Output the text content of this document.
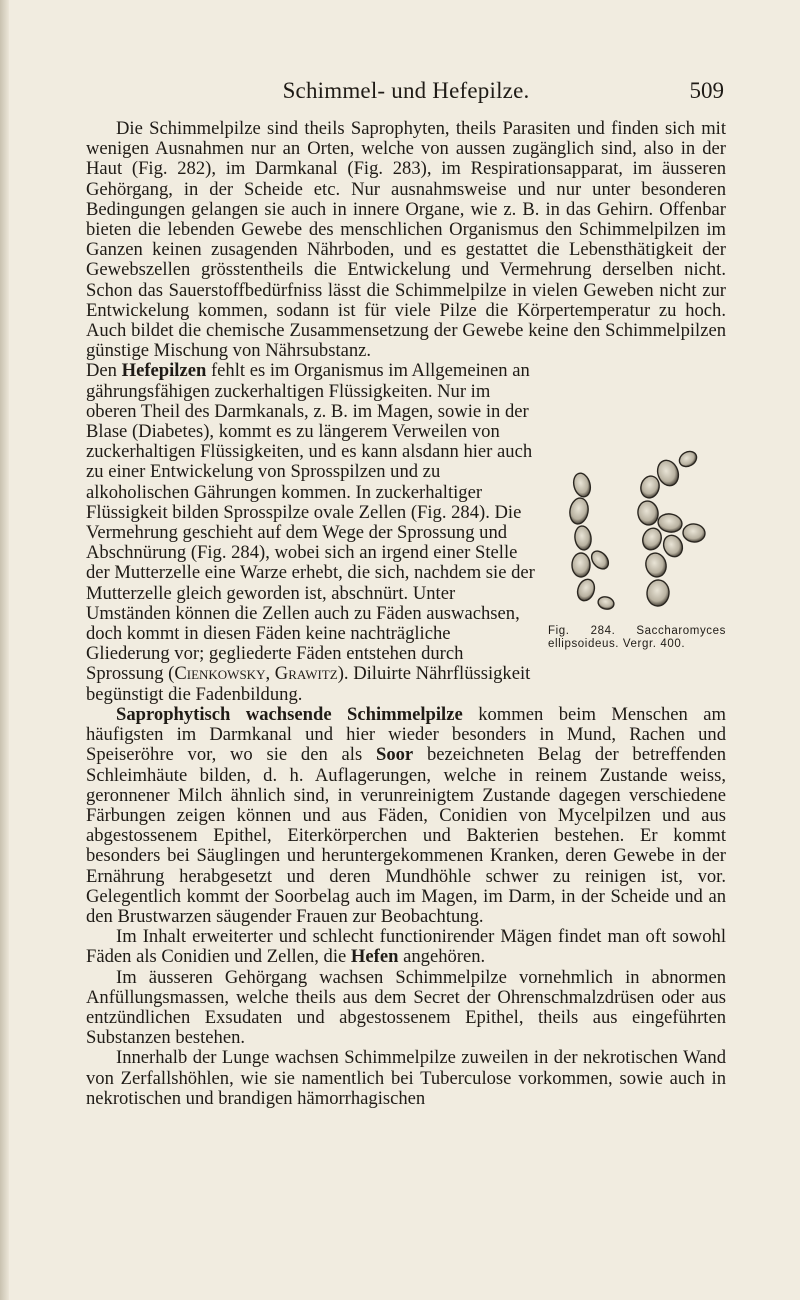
Schimmel- und Hefepilze.	509

Die Schimmelpilze sind theils Saprophyten, theils Parasiten und finden sich mit wenigen Ausnahmen nur an Orten, welche von aussen zugänglich sind, also in der Haut (Fig. 282), im Darmkanal (Fig. 283), im Respirationsapparat, im äusseren Gehörgang, in der Scheide etc. Nur ausnahmsweise und nur unter besonderen Bedingungen gelangen sie auch in innere Organe, wie z. B. in das Gehirn. Offenbar bieten die lebenden Gewebe des menschlichen Organismus den Schimmelpilzen im Ganzen keinen zusagenden Nährboden, und es gestattet die Lebensthätigkeit der Gewebszellen grösstentheils die Entwickelung und Vermehrung derselben nicht. Schon das Sauerstoffbedürfniss lässt die Schimmelpilze in vielen Geweben nicht zur Entwickelung kommen, sodann ist für viele Pilze die Körpertemperatur zu hoch. Auch bildet die chemische Zusammensetzung der Gewebe keine den Schimmelpilzen günstige Mischung von Nährsubstanz.

Fig. 284. Saccharomyces ellipsoideus. Vergr. 400.
Den Hefepilzen fehlt es im Organismus im Allgemeinen an gährungsfähigen zuckerhaltigen Flüssigkeiten. Nur im oberen Theil des Darmkanals, z. B. im Magen, sowie in der Blase (Diabetes), kommt es zu längerem Verweilen von zuckerhaltigen Flüssigkeiten, und es kann alsdann hier auch zu einer Entwickelung von Sprosspilzen und zu alkoholischen Gährungen kommen. In zuckerhaltiger Flüssigkeit bilden Sprosspilze ovale Zellen (Fig. 284). Die Vermehrung geschieht auf dem Wege der Sprossung und Abschnürung (Fig. 284), wobei sich an irgend einer Stelle der Mutterzelle eine Warze erhebt, die sich, nachdem sie der Mutterzelle gleich geworden ist, abschnürt. Unter Umständen können die Zellen auch zu Fäden auswachsen, doch kommt in diesen Fäden keine nachträgliche Gliederung vor; gegliederte Fäden entstehen durch Sprossung (Cienkowsky, Grawitz). Diluirte Nährflüssigkeit begünstigt die Fadenbildung.

Saprophytisch wachsende Schimmelpilze kommen beim Menschen am häufigsten im Darmkanal und hier wieder besonders in Mund, Rachen und Speiseröhre vor, wo sie den als Soor bezeichneten Belag der betreffenden Schleimhäute bilden, d. h. Auflagerungen, welche in reinem Zustande weiss, geronnener Milch ähnlich sind, in verunreinigtem Zustande dagegen verschiedene Färbungen zeigen können und aus Fäden, Conidien von Mycelpilzen und aus abgestossenem Epithel, Eiterkörperchen und Bakterien bestehen. Er kommt besonders bei Säuglingen und heruntergekommenen Kranken, deren Gewebe in der Ernährung herabgesetzt und deren Mundhöhle schwer zu reinigen ist, vor. Gelegentlich kommt der Soorbelag auch im Magen, im Darm, in der Scheide und an den Brustwarzen säugender Frauen zur Beobachtung.

Im Inhalt erweiterter und schlecht functionirender Mägen findet man oft sowohl Fäden als Conidien und Zellen, die Hefen angehören.

Im äusseren Gehörgang wachsen Schimmelpilze vornehmlich in abnormen Anfüllungsmassen, welche theils aus dem Secret der Ohrenschmalzdrüsen oder aus entzündlichen Exsudaten und abgestossenem Epithel, theils aus eingeführten Substanzen bestehen.

Innerhalb der Lunge wachsen Schimmelpilze zuweilen in der nekrotischen Wand von Zerfallshöhlen, wie sie namentlich bei Tuberculose vorkommen, sowie auch in nekrotischen und brandigen hämorrhagischen
